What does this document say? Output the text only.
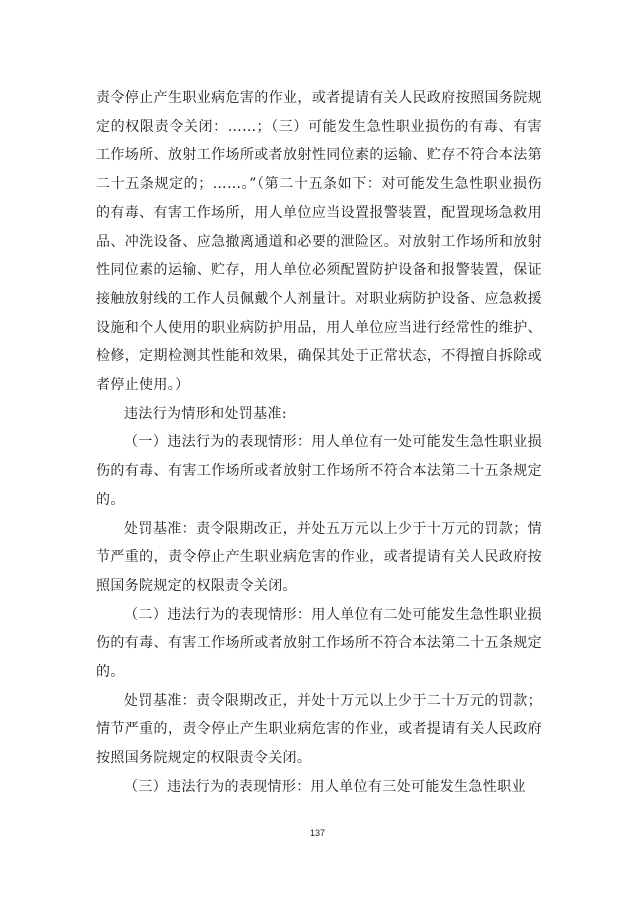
责令停止产生职业病危害的作业，或者提请有关人民政府按照国务院规定的权限责令关闭：……；（三）可能发生急性职业损伤的有毒、有害工作场所、放射工作场所或者放射性同位素的运输、贮存不符合本法第二十五条规定的；……。”（第二十五条如下：对可能发生急性职业损伤的有毒、有害工作场所，用人单位应当设置报警装置，配置现场急救用品、冲洗设备、应急撤离通道和必要的泄险区。对放射工作场所和放射性同位素的运输、贮存，用人单位必须配置防护设备和报警装置，保证接触放射线的工作人员佩戴个人剂量计。对职业病防护设备、应急救援设施和个人使用的职业病防护用品，用人单位应当进行经常性的维护、检修，定期检测其性能和效果，确保其处于正常状态，不得擅自拆除或者停止使用。）

违法行为情形和处罚基准:

（一）违法行为的表现情形：用人单位有一处可能发生急性职业损伤的有毒、有害工作场所或者放射工作场所不符合本法第二十五条规定的。

处罚基准：责令限期改正，并处五万元以上少于十万元的罚款；情节严重的，责令停止产生职业病危害的作业，或者提请有关人民政府按照国务院规定的权限责令关闭。

（二）违法行为的表现情形：用人单位有二处可能发生急性职业损伤的有毒、有害工作场所或者放射工作场所不符合本法第二十五条规定的。

处罚基准：责令限期改正，并处十万元以上少于二十万元的罚款；情节严重的，责令停止产生职业病危害的作业，或者提请有关人民政府按照国务院规定的权限责令关闭。

（三）违法行为的表现情形：用人单位有三处可能发生急性职业

137
